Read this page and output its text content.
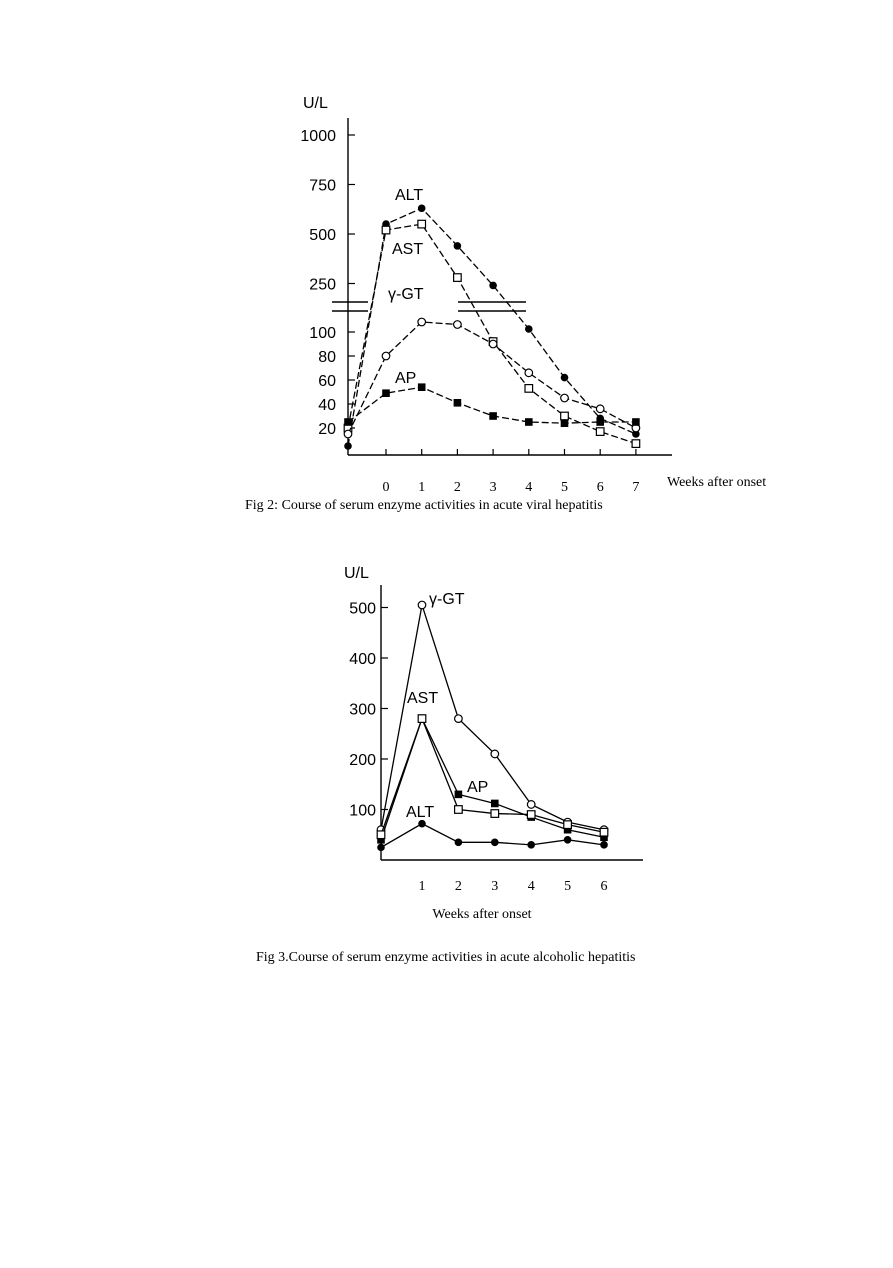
1000
750
500
250
100
80
60
40
20
0 1 2 3 4 5 6 7
U/L
Weeks after onset
ALT
AST
γ-GT
AP
500
400
300
200
100
1 2 3 4 5 6
U/L
Weeks after onset
γ-GT
AST
AP
ALT
Fig 2: Course of serum enzyme activities in acute viral hepatitis
Fig 3.Course of serum enzyme activities in acute alcoholic hepatitis
